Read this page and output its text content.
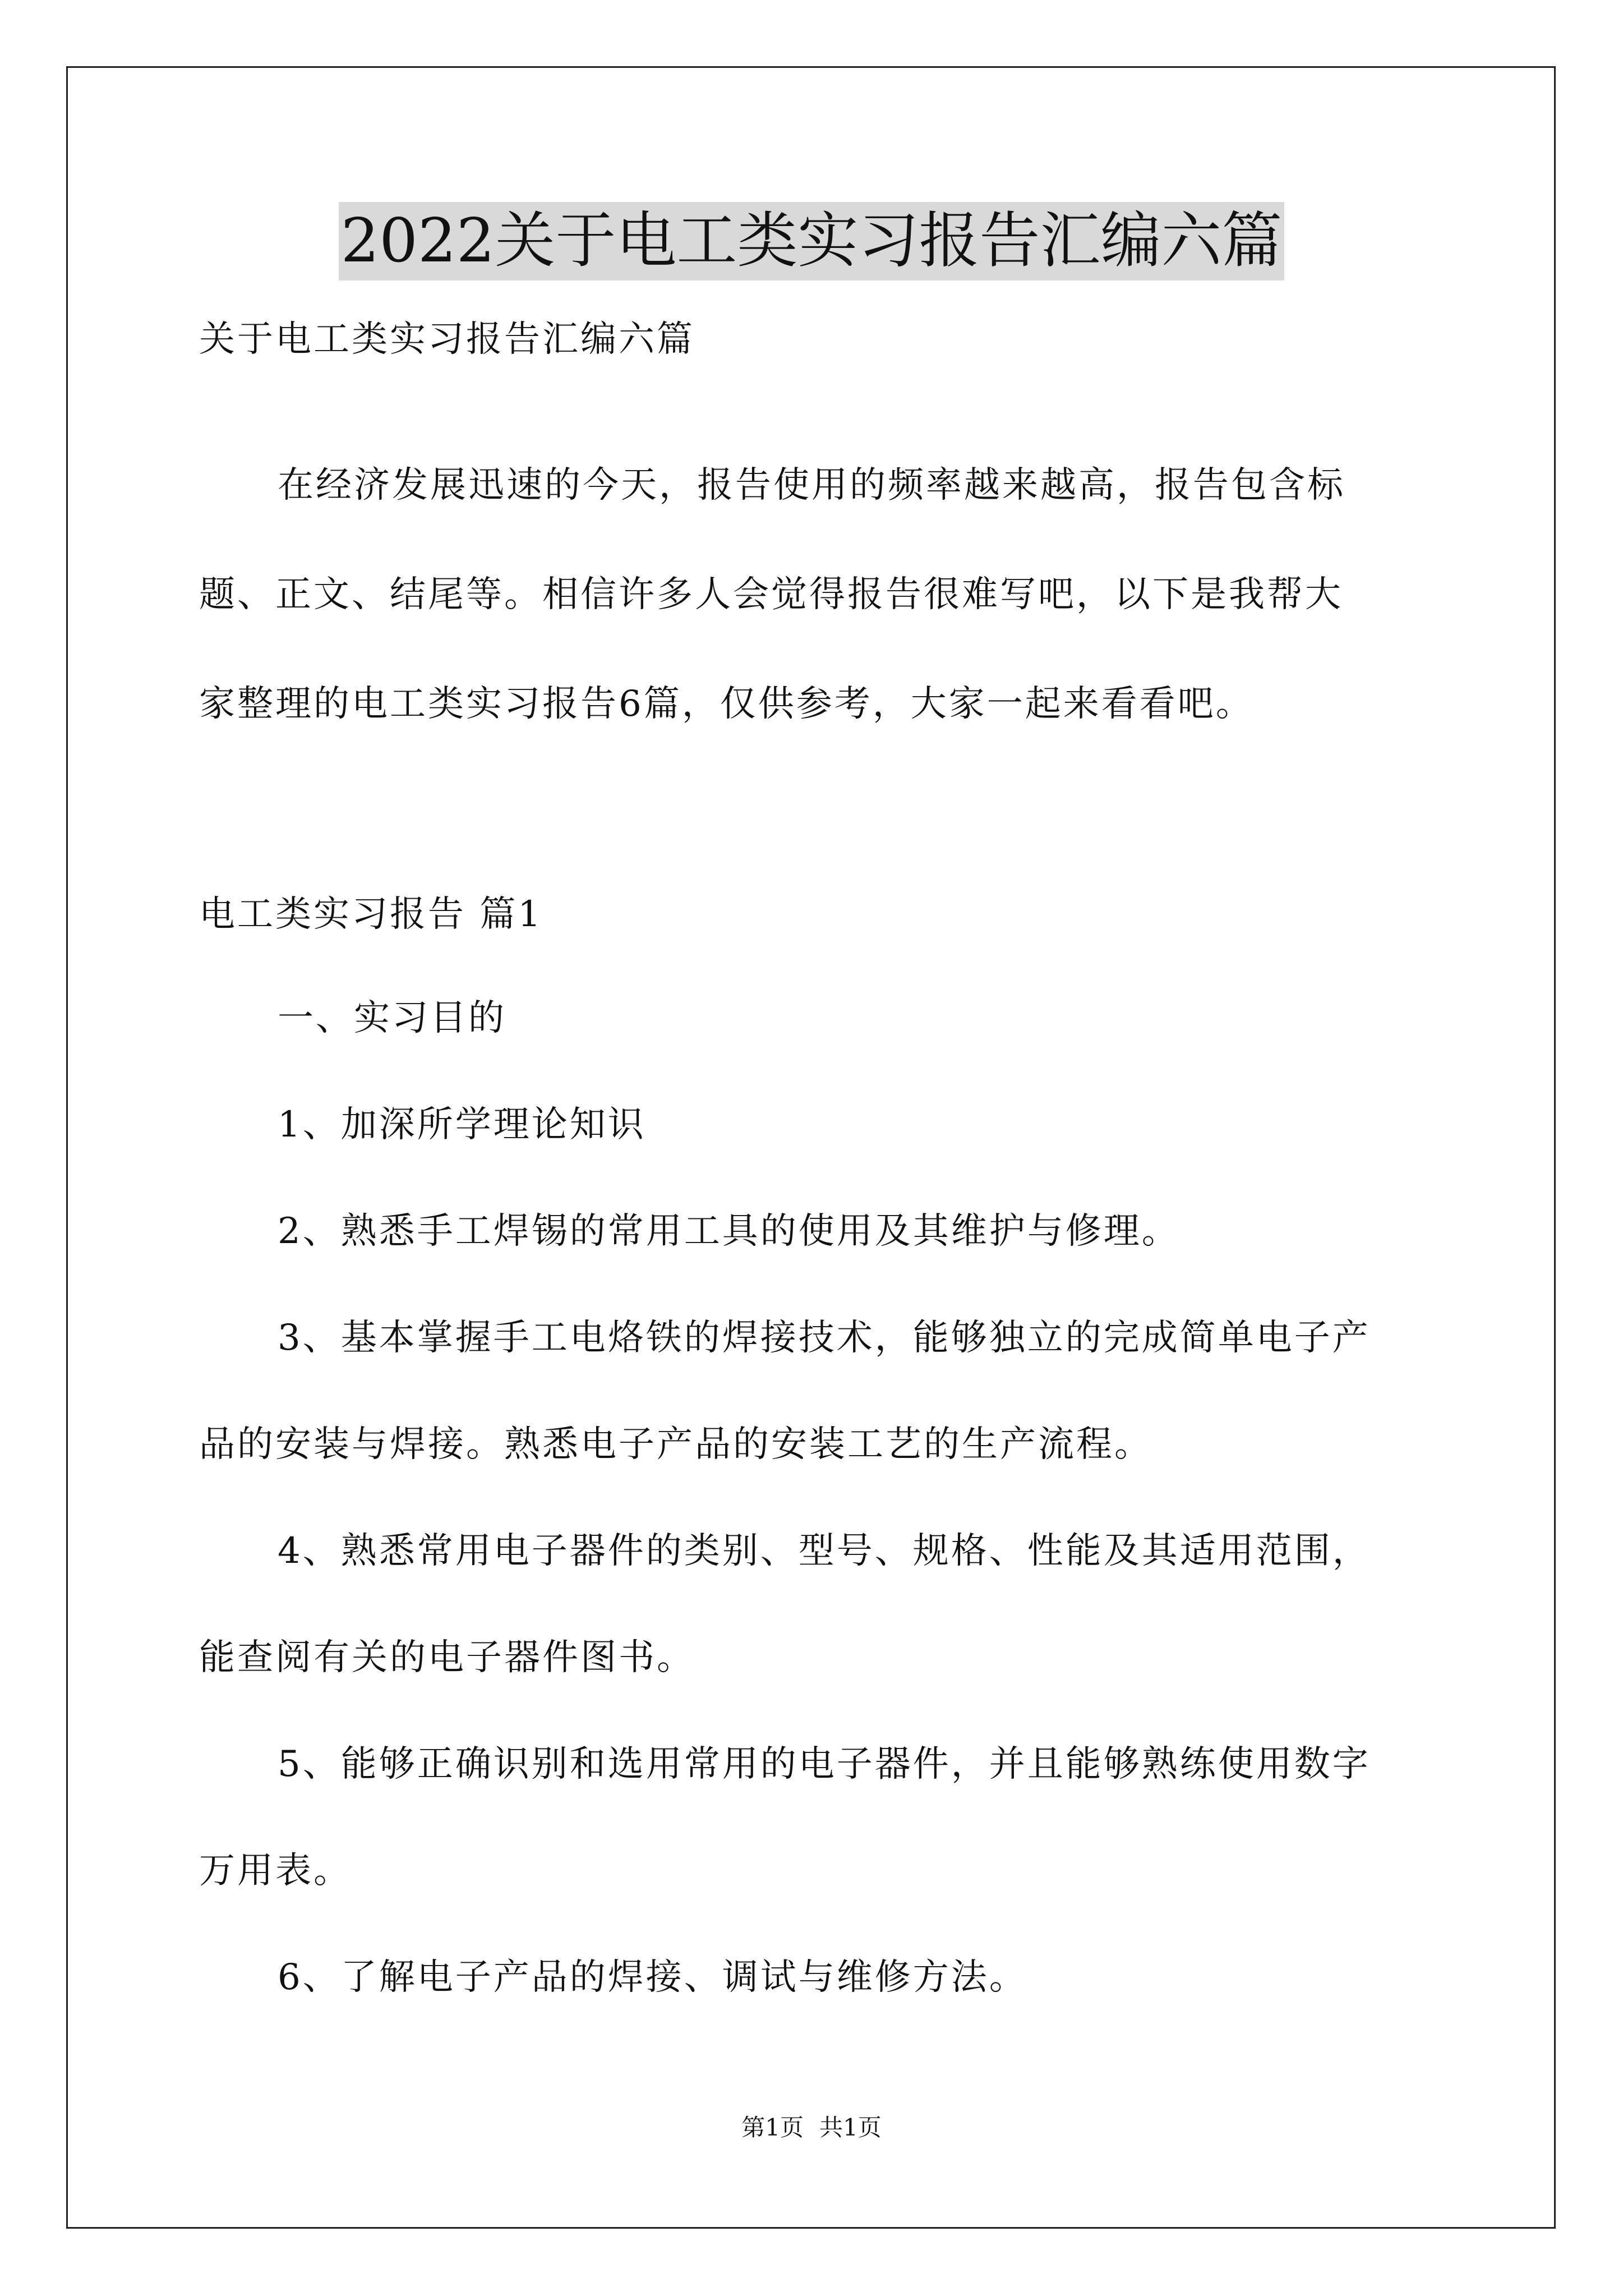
2022关于电工类实习报告汇编六篇
关于电工类实习报告汇编六篇
在经济发展迅速的今天，报告使用的频率越来越高，报告包含标
题、正文、结尾等。相信许多人会觉得报告很难写吧，以下是我帮大
家整理的电工类实习报告6篇，仅供参考，大家一起来看看吧。
电工类实习报告 篇1
一、实习目的
1、加深所学理论知识
2、熟悉手工焊锡的常用工具的使用及其维护与修理。
3、基本掌握手工电烙铁的焊接技术，能够独立的完成简单电子产
品的安装与焊接。熟悉电子产品的安装工艺的生产流程。
4、熟悉常用电子器件的类别、型号、规格、性能及其适用范围，
能查阅有关的电子器件图书。
5、能够正确识别和选用常用的电子器件，并且能够熟练使用数字
万用表。
6、了解电子产品的焊接、调试与维修方法。
第1页 共1页
